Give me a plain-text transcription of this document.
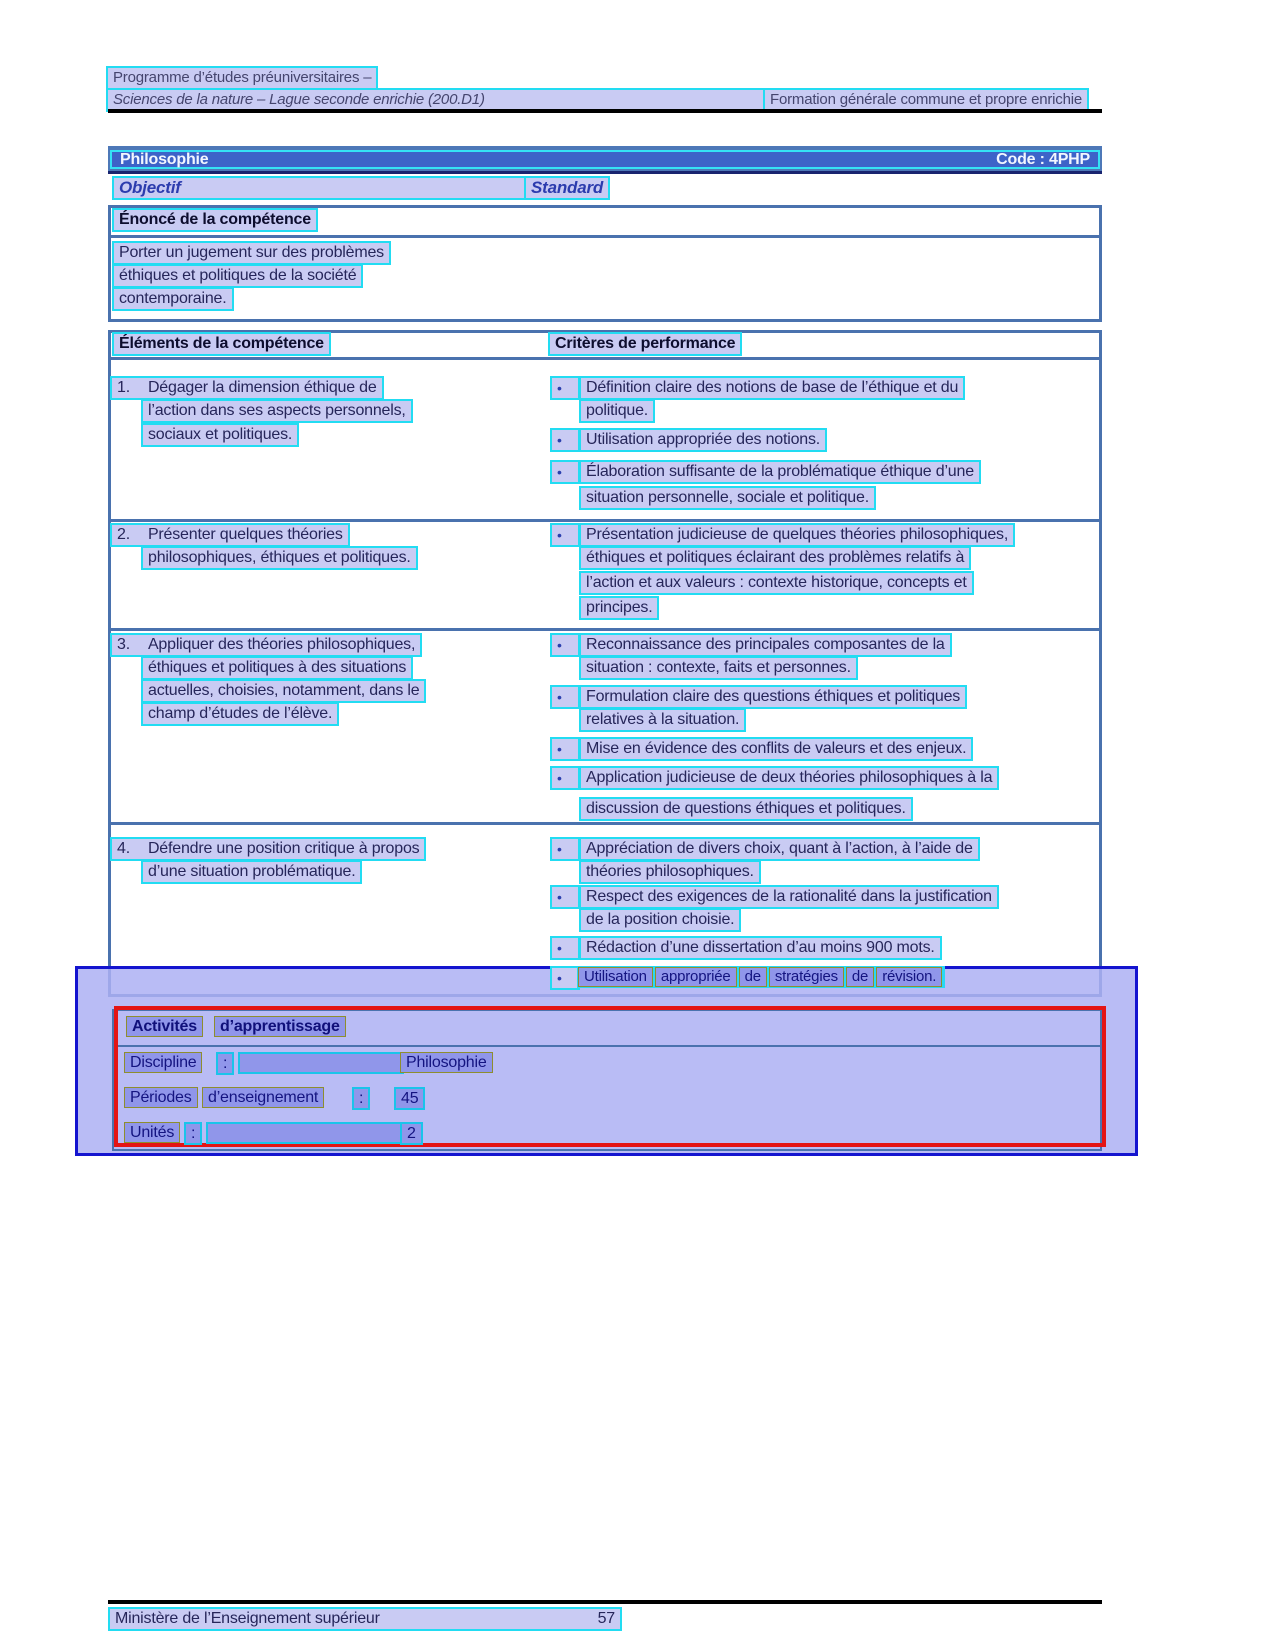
Programme d’études préuniversitaires –
Sciences de la nature – Lague seconde enrichie (200.D1)	Formation générale commune et propre enrichie
Philosophie	Code : 4PHP
Objectif	Standard
Énoncé de la compétence
Porter un jugement sur des problèmes
éthiques et politiques de la société
contemporaine.
Éléments de la compétence	Critères de performance
1. Dégager la dimension éthique de
l’action dans ses aspects personnels,
sociaux et politiques.
•	Définition claire des notions de base de l’éthique et du
politique.
•	Utilisation appropriée des notions.
•	Élaboration suffisante de la problématique éthique d’une
situation personnelle, sociale et politique.
2. Présenter quelques théories
philosophiques, éthiques et politiques.
•	Présentation judicieuse de quelques théories philosophiques,
éthiques et politiques éclairant des problèmes relatifs à
l’action et aux valeurs : contexte historique, concepts et
principes.
3. Appliquer des théories philosophiques,
éthiques et politiques à des situations
actuelles, choisies, notamment, dans le
champ d’études de l’élève.
•	Reconnaissance des principales composantes de la
situation : contexte, faits et personnes.
•	Formulation claire des questions éthiques et politiques
relatives à la situation.
•	Mise en évidence des conflits de valeurs et des enjeux.
•	Application judicieuse de deux théories philosophiques à la
discussion de questions éthiques et politiques.
4. Défendre une position critique à propos
d’une situation problématique.
•	Appréciation de divers choix, quant à l’action, à l’aide de
théories philosophiques.
•	Respect des exigences de la rationalité dans la justification
de la position choisie.
•	Rédaction d’une dissertation d’au moins 900 mots.
•	Utilisation appropriée de stratégies de révision.
Activités	d’apprentissage
Discipline	:	Philosophie
Périodes	d’enseignement	:	45
Unités	:	2
Ministère de l’Enseignement supérieur	57
